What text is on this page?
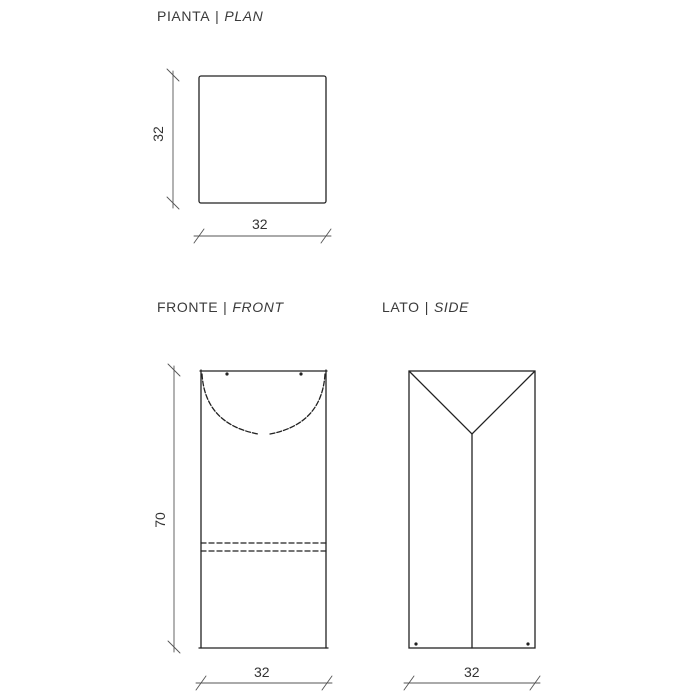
PIANTA | PLAN
FRONTE | FRONT	LATO | SIDE
32
32
32
70
32
